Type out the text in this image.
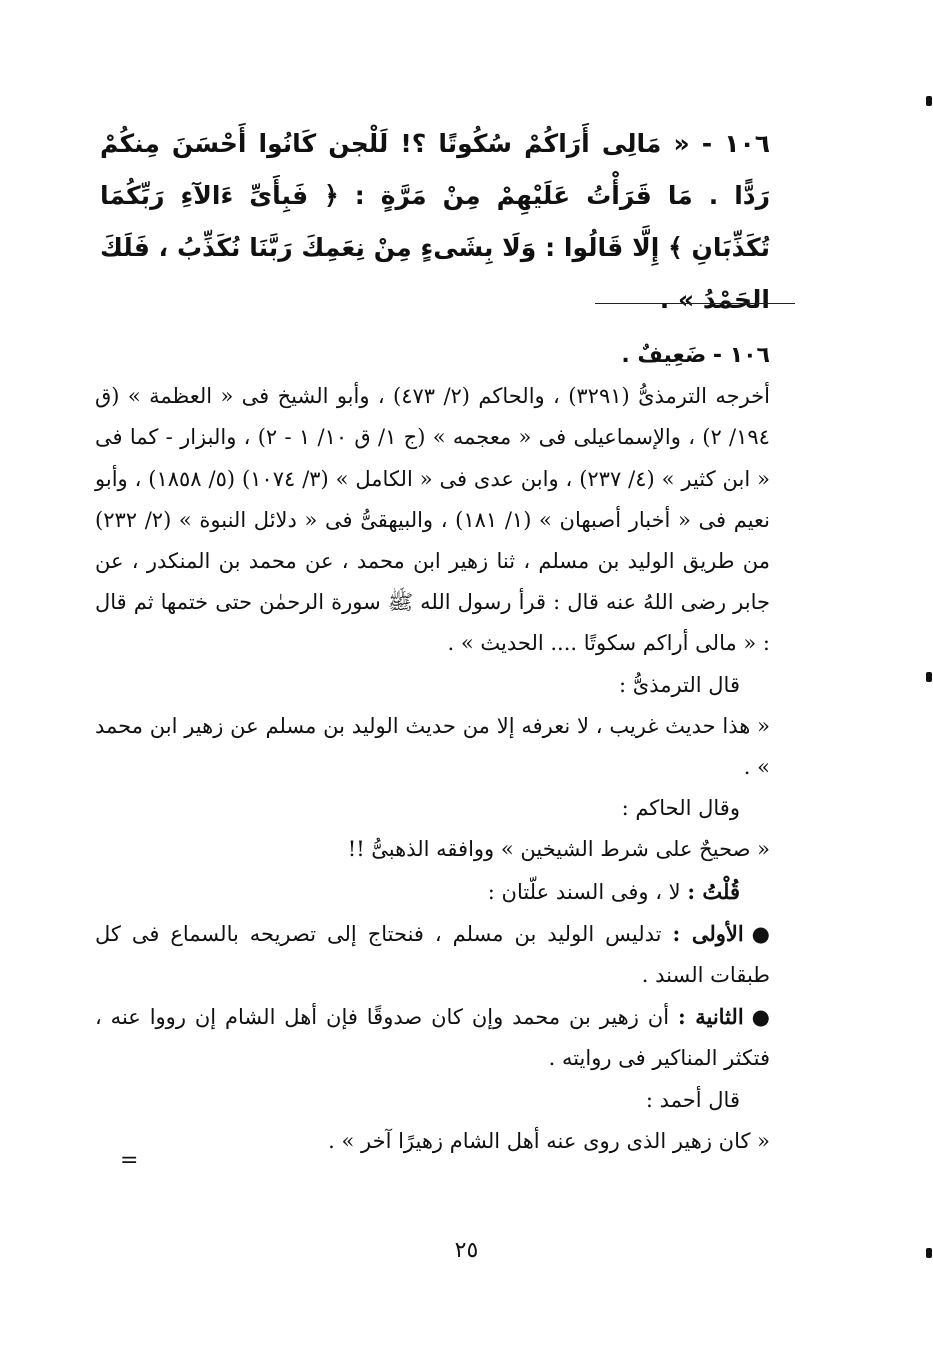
١٠٦ - « مَالِى أَرَاكُمْ سُكُوتًا ؟! لَلْجن كَانُوا أَحْسَنَ مِنكُمْ رَدًّا . مَا قَرَأْتُ عَلَيْهِمْ مِنْ مَرَّةٍ : ﴿ فَبِأَىِّ ءَالآءِ رَبِّكُمَا تُكَذِّبَانِ ﴾ إِلَّا قَالُوا : وَلَا بِشَىءٍ مِنْ نِعَمِكَ رَبَّنَا نُكَذِّبُ ، فَلَكَ الحَمْدُ » .

١٠٦ - ضَعِيفٌ .

أخرجه الترمذىُّ (٣٢٩١) ، والحاكم (٢/ ٤٧٣) ، وأبو الشيخ فى « العظمة » (ق ١٩٤/ ٢) ، والإسماعيلى فى « معجمه » (ج ١/ ق ١٠/ ١ - ٢) ، والبزار - كما فى « ابن كثير » (٤/ ٢٣٧) ، وابن عدى فى « الكامل » (٣/ ١٠٧٤) (٥/ ١٨٥٨) ، وأبو نعيم فى « أخبار أصبهان » (١/ ١٨١) ، والبيهقىُّ فى « دلائل النبوة » (٢/ ٢٣٢) من طريق الوليد بن مسلم ، ثنا زهير ابن محمد ، عن محمد بن المنكدر ، عن جابر رضى اللهُ عنه قال : قرأ رسول الله ﷺ سورة الرحمٰن حتى ختمها ثم قال : « مالى أراكم سكوتًا .... الحديث » .

قال الترمذىُّ :

« هذا حديث غريب ، لا نعرفه إلا من حديث الوليد بن مسلم عن زهير ابن محمد » .

وقال الحاكم :

« صحيحٌ على شرط الشيخين » ووافقه الذهبىُّ !!

قُلْتُ : لا ، وفى السند علّتان :

●الأولى : تدليس الوليد بن مسلم ، فنحتاج إلى تصريحه بالسماع فى كل طبقات السند .

●الثانية : أن زهير بن محمد وإن كان صدوقًا فإن أهل الشام إن رووا عنه ، فتكثر المناكير فى روايته .

قال أحمد :

« كان زهير الذى روى عنه أهل الشام زهيرًا آخر » .

=
٢٥
